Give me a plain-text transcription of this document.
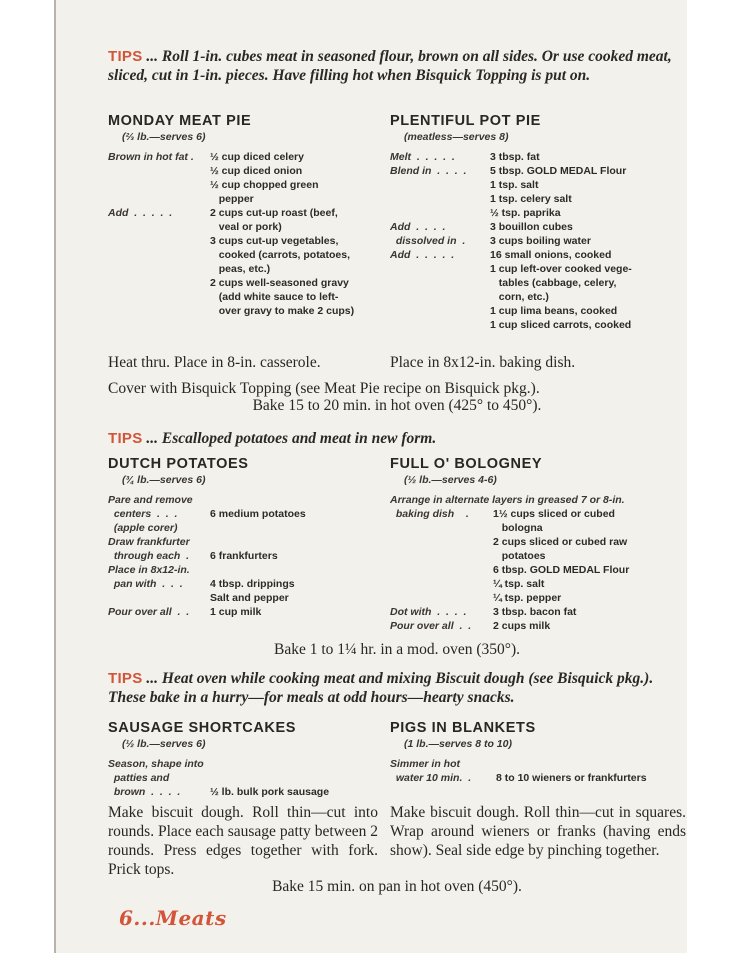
TIPS ... Roll 1-in. cubes meat in seasoned flour, brown on all sides. Or use cooked meat, sliced, cut in 1-in. pieces. Have filling hot when Bisquick Topping is put on.
MONDAY MEAT PIE
(⅔ lb.—serves 6)
Brown in hot fat .	½ cup diced celery
½ cup diced onion
½ cup chopped green
pepper
Add  .  .  .  .  .	2 cups cut-up roast (beef,
veal or pork)
3 cups cut-up vegetables,
cooked (carrots, potatoes,
peas, etc.)
2 cups well-seasoned gravy
(add white sauce to left-
over gravy to make 2 cups)
PLENTIFUL POT PIE
(meatless—serves 8)
Melt  .  .  .  .  .	3 tbsp. fat
Blend in  .  .  .  .	5 tbsp. GOLD MEDAL Flour
1 tsp. salt
1 tsp. celery salt
½ tsp. paprika
Add  .  .  .  .	3 bouillon cubes
dissolved in  .	3 cups boiling water
Add  .  .  .  .  .	16 small onions, cooked
1 cup left-over cooked vege-
tables (cabbage, celery,
corn, etc.)
1 cup lima beans, cooked
1 cup sliced carrots, cooked
Heat thru. Place in 8-in. casserole.	Place in 8x12-in. baking dish.
Cover with Bisquick Topping (see Meat Pie recipe on Bisquick pkg.).
Bake 15 to 20 min. in hot oven (425° to 450°).
TIPS ... Escalloped potatoes and meat in new form.
DUTCH POTATOES
(¾ lb.—serves 6)
Pare and remove
centers  .  .  .	6 medium potatoes
(apple corer)
Draw frankfurter
through each  .	6 frankfurters
Place in 8x12-in.
pan with  .  .  .	4 tbsp. drippings
Salt and pepper
Pour over all  .  .	1 cup milk
FULL O' BOLOGNEY
(½ lb.—serves 4-6)
Arrange in alternate layers in greased 7 or 8-in.
baking dish    .	1½ cups sliced or cubed
bologna
2 cups sliced or cubed raw
potatoes
6 tbsp. GOLD MEDAL Flour
¼ tsp. salt
¼ tsp. pepper
Dot with  .  .  .  .	3 tbsp. bacon fat
Pour over all  .  .	2 cups milk
Bake 1 to 1¼ hr. in a mod. oven (350°).
TIPS ... Heat oven while cooking meat and mixing Biscuit dough (see Bisquick pkg.). These bake in a hurry—for meals at odd hours—hearty snacks.
SAUSAGE SHORTCAKES
(½ lb.—serves 6)
Season, shape into
patties and
brown  .  .  .  .	½ lb. bulk pork sausage
Make biscuit dough. Roll thin—cut into rounds. Place each sausage patty between 2 rounds. Press edges together with fork. Prick tops.
PIGS IN BLANKETS
(1 lb.—serves 8 to 10)
Simmer in hot
water 10 min.  .	8 to 10 wieners or frankfurters
Make biscuit dough. Roll thin—cut in squares. Wrap around wieners or franks (having ends show). Seal side edge by pinching together.
Bake 15 min. on pan in hot oven (450°).
6...Meats
